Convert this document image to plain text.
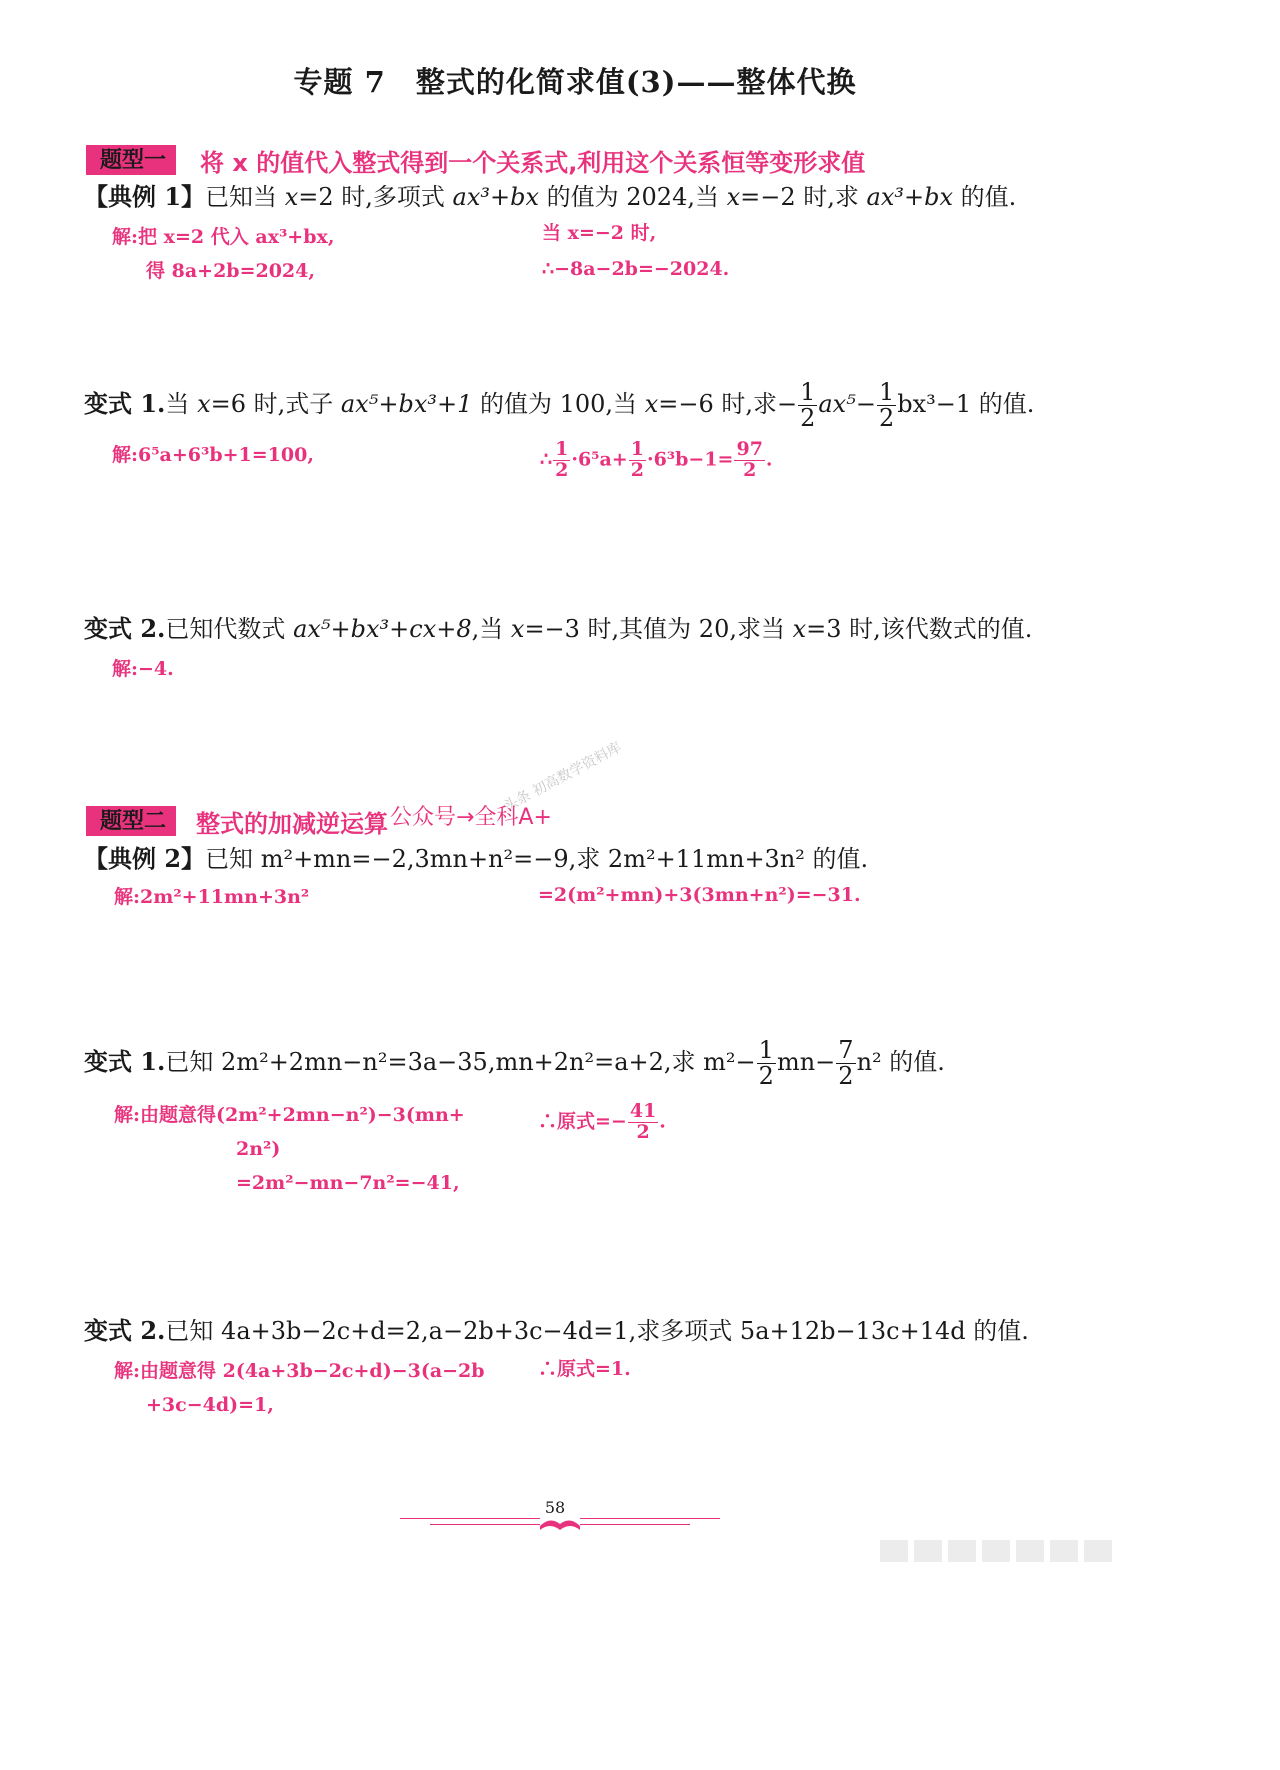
专题 7　整式的化简求值(3)——整体代换
题型一	将 x 的值代入整式得到一个关系式,利用这个关系恒等变形求值
【典例 1】已知当 x=2 时,多项式 ax³+bx 的值为 2024,当 x=−2 时,求 ax³+bx 的值.
解:把 x=2 代入 ax³+bx,
得 8a+2b=2024,
当 x=−2 时,
∴−8a−2b=−2024.
变式 1.当 x=6 时,式子 ax⁵+bx³+1 的值为 100,当 x=−6 时,求− $\frac{1}{2} ax^5- \frac{1}{2} bx^3-1$ 的值.
解:6⁵a+6³b+1=100,	∴ $\frac{1}{2} \cdot 6^5a+ \frac{1}{2} \cdot 6^3b-1= \frac{97}{2}$ .
变式 2.已知代数式 ax⁵+bx³+cx+8,当 x=−3 时,其值为 20,求当 x=3 时,该代数式的值.
解:−4.
头条 初高数学资料库
题型二	整式的加减逆运算 公众号→全科A+
【典例 2】已知 m²+mn=−2,3mn+n²=−9,求 2m²+11mn+3n² 的值.
解:2m²+11mn+3n²	=2(m²+mn)+3(3mn+n²)=−31.
变式 1.已知 2m²+2mn−n²=3a−35,mn+2n²=a+2,求 $m^2- \frac{1}{2} mn- \frac{7}{2} n^2$ 的值.
解:由题意得(2m²+2mn−n²)−3(mn+
2n²)
=2m²−mn−7n²=−41,
∴原式=− $\frac{41}{2}$ .
变式 2.已知 4a+3b−2c+d=2,a−2b+3c−4d=1,求多项式 5a+12b−13c+14d 的值.
解:由题意得 2(4a+3b−2c+d)−3(a−2b
+3c−4d)=1,
∴原式=1.
58
